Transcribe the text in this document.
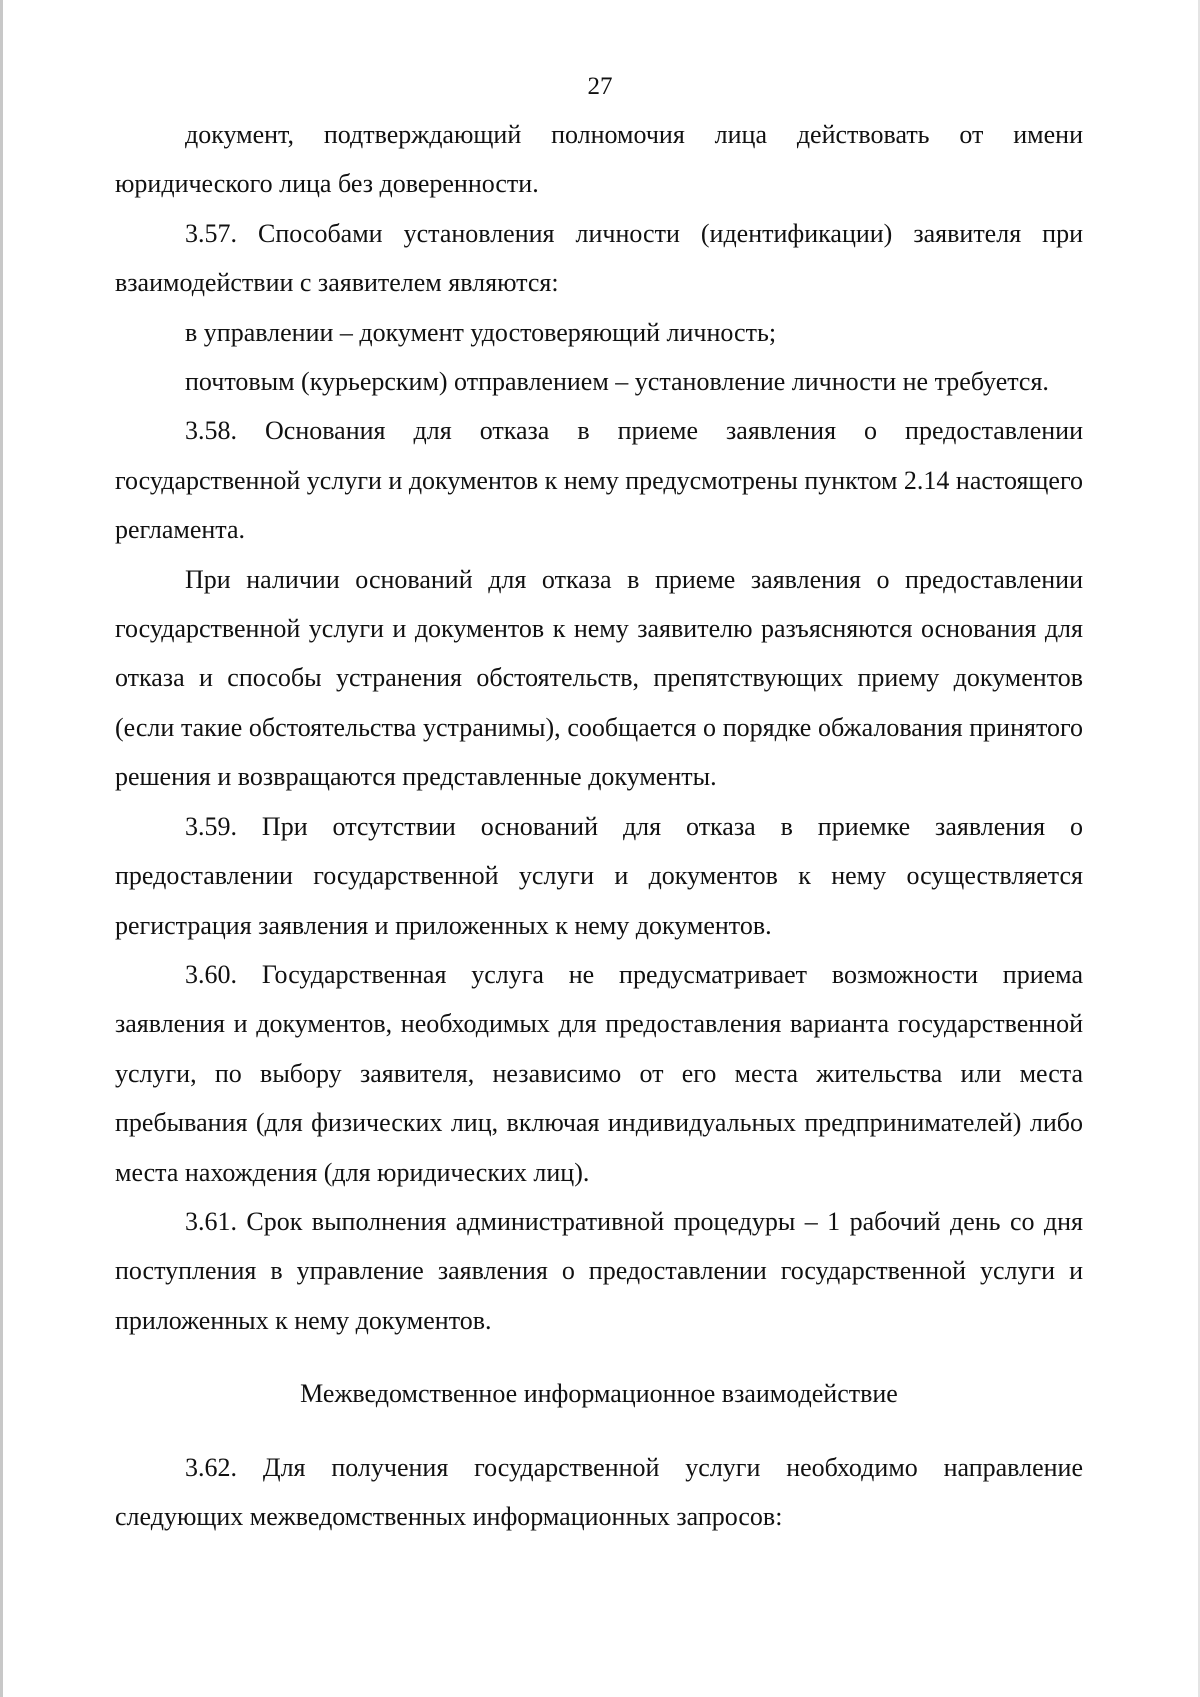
27

документ, подтверждающий полномочия лица действовать от имени юридического лица без доверенности.

3.57. Способами установления личности (идентификации) заявителя при взаимодействии с заявителем являются:

в управлении – документ удостоверяющий личность;

почтовым (курьерским) отправлением – установление личности не требуется.

3.58. Основания для отказа в приеме заявления о предоставлении государственной услуги и документов к нему предусмотрены пунктом 2.14 настоящего регламента.

При наличии оснований для отказа в приеме заявления о предоставлении государственной услуги и документов к нему заявителю разъясняются основания для отказа и способы устранения обстоятельств, препятствующих приему документов (если такие обстоятельства устранимы), сообщается о порядке обжалования принятого решения и возвращаются представленные документы.

3.59. При отсутствии оснований для отказа в приемке заявления о предоставлении государственной услуги и документов к нему осуществляется регистрация заявления и приложенных к нему документов.

3.60. Государственная услуга не предусматривает возможности приема заявления и документов, необходимых для предоставления варианта государственной услуги, по выбору заявителя, независимо от его места жительства или места пребывания (для физических лиц, включая индивидуальных предпринимателей) либо места нахождения (для юридических лиц).

3.61. Срок выполнения административной процедуры – 1 рабочий день со дня поступления в управление заявления о предоставлении государственной услуги и приложенных к нему документов.

Межведомственное информационное взаимодействие

3.62. Для получения государственной услуги необходимо направление следующих межведомственных информационных запросов:
